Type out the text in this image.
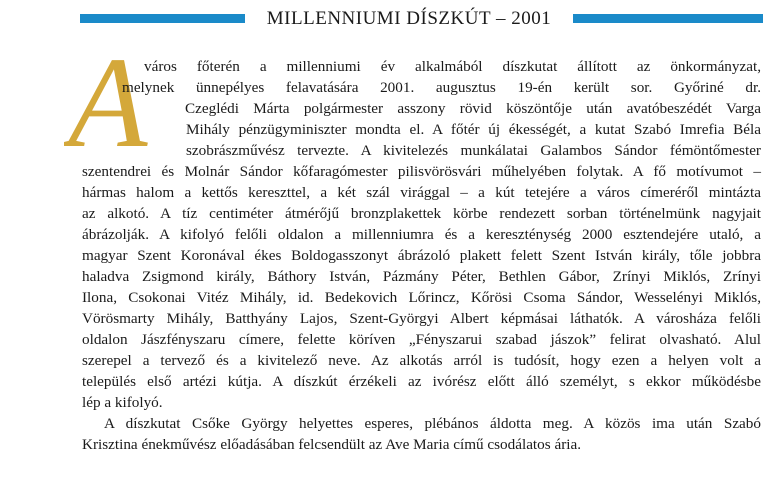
MILLENNIUMI DÍSZKÚT – 2001
A
város főterén a millenniumi év alkalmából díszkutat állított az önkormányzat,
melynek ünnepélyes felavatására 2001. augusztus 19-én került sor. Győriné dr.
Czeglédi Márta polgármester asszony rövid köszöntője után avatóbeszédét Varga
Mihály pénzügyminiszter mondta el. A főtér új ékességét, a kutat Szabó Imrefia Béla
szobrászművész tervezte. A kivitelezés munkálatai Galambos Sándor fémöntőmester
szentendrei és Molnár Sándor kőfaragómester pilisvörösvári műhelyében folytak. A fő motívumot –
hármas halom a kettős kereszttel, a két szál virággal – a kút tetejére a város címeréről mintázta
az alkotó. A tíz centiméter átmérőjű bronzplakettek körbe rendezett sorban történelmünk nagyjait
ábrázolják. A kifolyó felőli oldalon a millenniumra és a kereszténység 2000 esztendejére utaló, a
magyar Szent Koronával ékes Boldogasszonyt ábrázoló plakett felett Szent István király, tőle jobbra
haladva Zsigmond király, Báthory István, Pázmány Péter, Bethlen Gábor, Zrínyi Miklós, Zrínyi
Ilona, Csokonai Vitéz Mihály, id. Bedekovich Lőrincz, Kőrösi Csoma Sándor, Wesselényi Miklós,
Vörösmarty Mihály, Batthyány Lajos, Szent-Györgyi Albert képmásai láthatók. A városháza felőli
oldalon Jászfényszaru címere, felette köríven „Fényszarui szabad jászok” felirat olvasható. Alul
szerepel a tervező és a kivitelező neve. Az alkotás arról is tudósít, hogy ezen a helyen volt a
település első artézi kútja. A díszkút érzékeli az ivórész előtt álló személyt, s ekkor működésbe
lép a kifolyó.
A díszkutat Csőke György helyettes esperes, plébános áldotta meg. A közös ima után Szabó
Krisztina énekművész előadásában felcsendült az Ave Maria című csodálatos ária.
